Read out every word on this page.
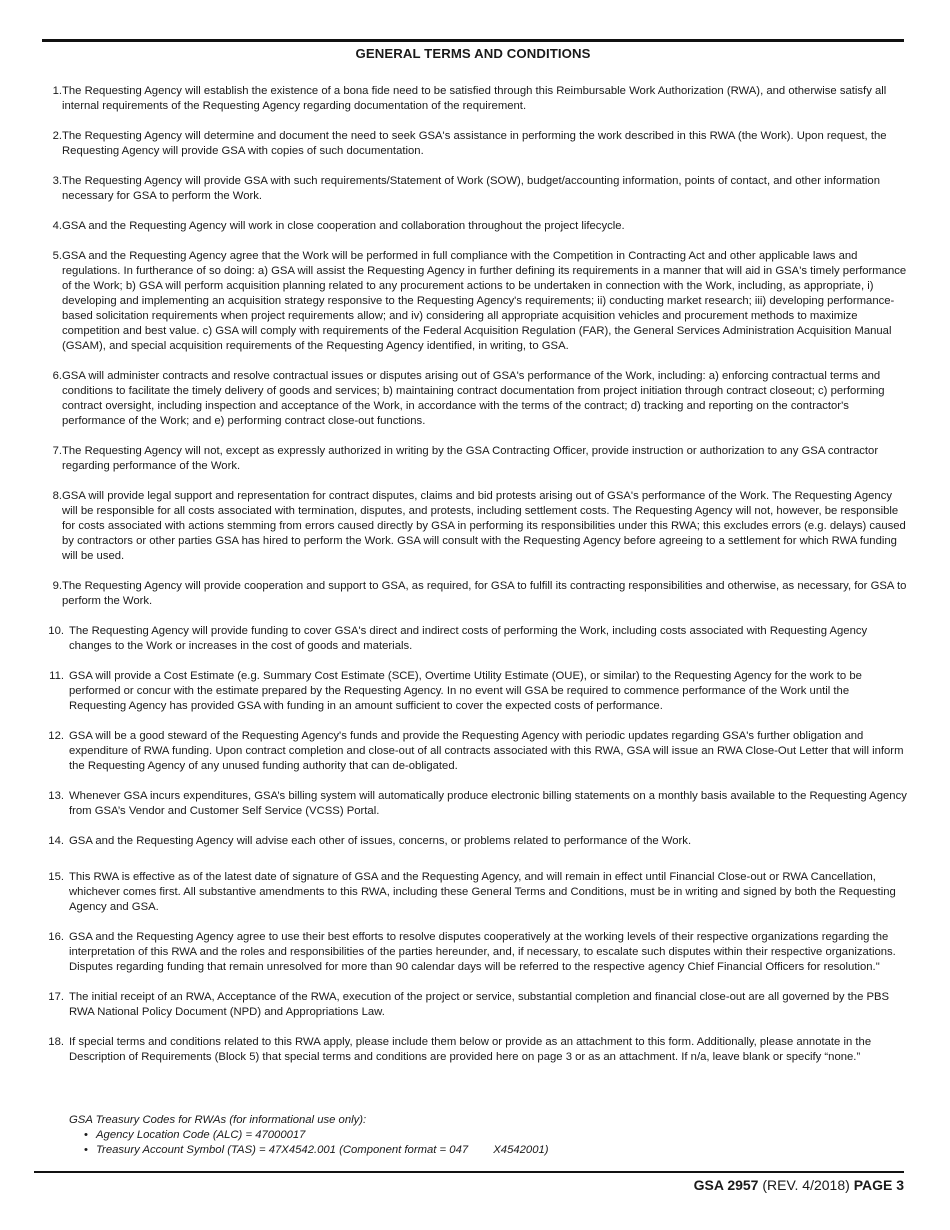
GENERAL TERMS AND CONDITIONS
1. The Requesting Agency will establish the existence of a bona fide need to be satisfied through this Reimbursable Work Authorization (RWA), and otherwise satisfy all internal requirements of the Requesting Agency regarding documentation of the requirement.
2. The Requesting Agency will determine and document the need to seek GSA's assistance in performing the work described in this RWA (the Work). Upon request, the Requesting Agency will provide GSA with copies of such documentation.
3. The Requesting Agency will provide GSA with such requirements/Statement of Work (SOW), budget/accounting information, points of contact, and other information necessary for GSA to perform the Work.
4. GSA and the Requesting Agency will work in close cooperation and collaboration throughout the project lifecycle.
5. GSA and the Requesting Agency agree that the Work will be performed in full compliance with the Competition in Contracting Act and other applicable laws and regulations. In furtherance of so doing: a) GSA will assist the Requesting Agency in further defining its requirements in a manner that will aid in GSA's timely performance of the Work; b) GSA will perform acquisition planning related to any procurement actions to be undertaken in connection with the Work, including, as appropriate, i) developing and implementing an acquisition strategy responsive to the Requesting Agency's requirements; ii) conducting market research; iii) developing performance-based solicitation requirements when project requirements allow; and iv) considering all appropriate acquisition vehicles and procurement methods to maximize competition and best value. c) GSA will comply with requirements of the Federal Acquisition Regulation (FAR), the General Services Administration Acquisition Manual (GSAM), and special acquisition requirements of the Requesting Agency identified, in writing, to GSA.
6. GSA will administer contracts and resolve contractual issues or disputes arising out of GSA's performance of the Work, including: a) enforcing contractual terms and conditions to facilitate the timely delivery of goods and services; b) maintaining contract documentation from project initiation through contract closeout; c) performing contract oversight, including inspection and acceptance of the Work, in accordance with the terms of the contract; d) tracking and reporting on the contractor's performance of the Work; and e) performing contract close-out functions.
7. The Requesting Agency will not, except as expressly authorized in writing by the GSA Contracting Officer, provide instruction or authorization to any GSA contractor regarding performance of the Work.
8. GSA will provide legal support and representation for contract disputes, claims and bid protests arising out of GSA's performance of the Work. The Requesting Agency will be responsible for all costs associated with termination, disputes, and protests, including settlement costs. The Requesting Agency will not, however, be responsible for costs associated with actions stemming from errors caused directly by GSA in performing its responsibilities under this RWA; this excludes errors (e.g. delays) caused by contractors or other parties GSA has hired to perform the Work. GSA will consult with the Requesting Agency before agreeing to a settlement for which RWA funding will be used.
9. The Requesting Agency will provide cooperation and support to GSA, as required, for GSA to fulfill its contracting responsibilities and otherwise, as necessary, for GSA to perform the Work.
10. The Requesting Agency will provide funding to cover GSA's direct and indirect costs of performing the Work, including costs associated with Requesting Agency changes to the Work or increases in the cost of goods and materials.
11. GSA will provide a Cost Estimate (e.g. Summary Cost Estimate (SCE), Overtime Utility Estimate (OUE), or similar) to the Requesting Agency for the work to be performed or concur with the estimate prepared by the Requesting Agency. In no event will GSA be required to commence performance of the Work until the Requesting Agency has provided GSA with funding in an amount sufficient to cover the expected costs of performance.
12. GSA will be a good steward of the Requesting Agency's funds and provide the Requesting Agency with periodic updates regarding GSA's further obligation and expenditure of RWA funding. Upon contract completion and close-out of all contracts associated with this RWA, GSA will issue an RWA Close-Out Letter that will inform the Requesting Agency of any unused funding authority that can de-obligated.
13. Whenever GSA incurs expenditures, GSA’s billing system will automatically produce electronic billing statements on a monthly basis available to the Requesting Agency from GSA’s Vendor and Customer Self Service (VCSS) Portal.
14. GSA and the Requesting Agency will advise each other of issues, concerns, or problems related to performance of the Work.
15. This RWA is effective as of the latest date of signature of GSA and the Requesting Agency, and will remain in effect until Financial Close-out or RWA Cancellation, whichever comes first. All substantive amendments to this RWA, including these General Terms and Conditions, must be in writing and signed by both the Requesting Agency and GSA.
16. GSA and the Requesting Agency agree to use their best efforts to resolve disputes cooperatively at the working levels of their respective organizations regarding the interpretation of this RWA and the roles and responsibilities of the parties hereunder, and, if necessary, to escalate such disputes within their respective organizations. Disputes regarding funding that remain unresolved for more than 90 calendar days will be referred to the respective agency Chief Financial Officers for resolution."
17. The initial receipt of an RWA, Acceptance of the RWA, execution of the project or service, substantial completion and financial close-out are all governed by the PBS RWA National Policy Document (NPD) and Appropriations Law.
18. If special terms and conditions related to this RWA apply, please include them below or provide as an attachment to this form. Additionally, please annotate in the Description of Requirements (Block 5) that special terms and conditions are provided here on page 3 or as an attachment. If n/a, leave blank or specify “none.”
GSA Treasury Codes for RWAs (for informational use only):
• Agency Location Code (ALC) = 47000017
• Treasury Account Symbol (TAS) = 47X4542.001 (Component format = 047        X4542001)
GSA 2957 (REV. 4/2018) PAGE 3
